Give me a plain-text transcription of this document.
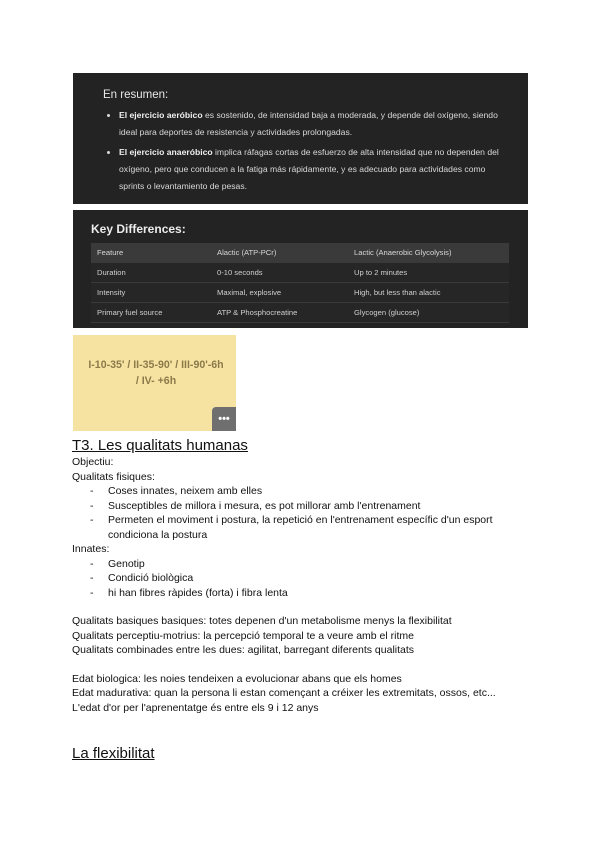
En resumen:
• El ejercicio aeróbico es sostenido, de intensidad baja a moderada, y depende del oxígeno, siendo ideal para deportes de resistencia y actividades prolongadas.
• El ejercicio anaeróbico implica ráfagas cortas de esfuerzo de alta intensidad que no dependen del oxígeno, pero que conducen a la fatiga más rápidamente, y es adecuado para actividades como sprints o levantamiento de pesas.
Key Differences:
Feature	Alactic (ATP-PCr)	Lactic (Anaerobic Glycolysis)
Duration	0-10 seconds	Up to 2 minutes
Intensity	Maximal, explosive	High, but less than alactic
Primary fuel source	ATP & Phosphocreatine	Glycogen (glucose)
I-10-35' / II-35-90' / III-90'-6h
/ IV- +6h
•••
T3. Les qualitats humanas

Objectiu:

Qualitats fisiques:

- Coses innates, neixem amb elles
- Susceptibles de millora i mesura, es pot millorar amb l'entrenament
- Permeten el moviment i postura, la repetició en l'entrenament específic d'un esport condiciona la postura

Innates:

- Genotip
- Condició biològica
- hi han fibres ràpides (forta) i fibra lenta

Qualitats basiques basiques: totes depenen d'un metabolisme menys la flexibilitat

Qualitats perceptiu-motrius: la percepció temporal te a veure amb el ritme

Qualitats combinades entre les dues: agilitat, barregant diferents qualitats

Edat biologica: les noies tendeixen a evolucionar abans que els homes

Edat madurativa: quan la persona li estan començant a créixer les extremitats, ossos, etc...

L'edat d'or per l'aprenentatge és entre els 9 i 12 anys

La flexibilitat
